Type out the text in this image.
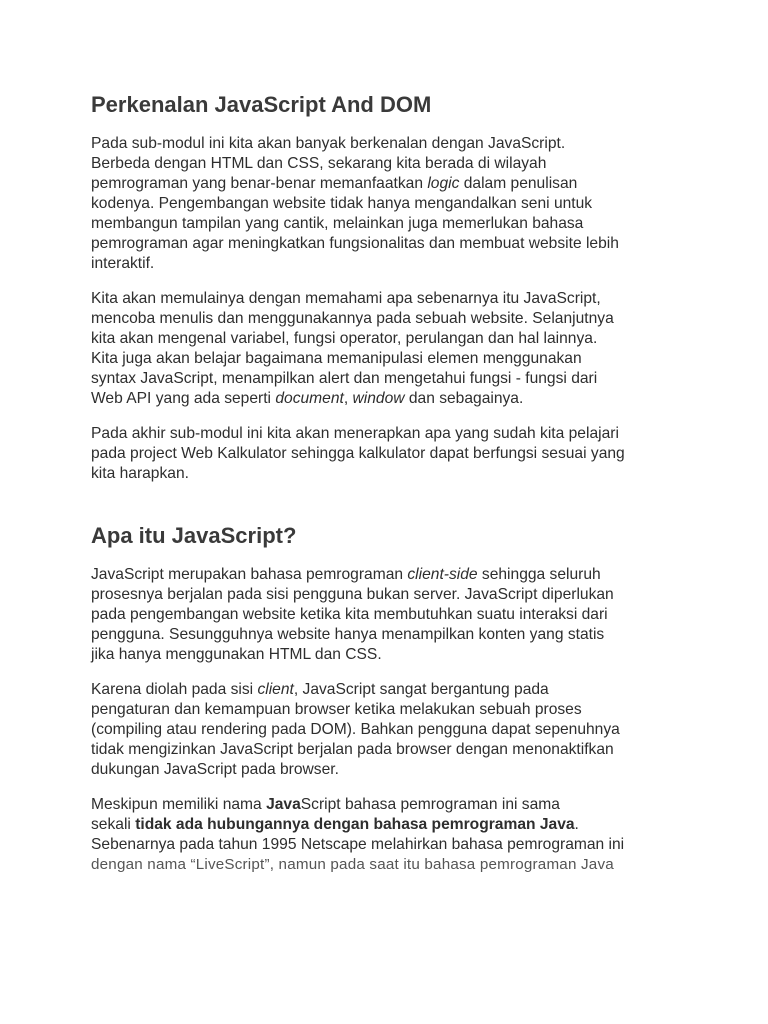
Perkenalan JavaScript And DOM

Pada sub-modul ini kita akan banyak berkenalan dengan JavaScript.
Berbeda dengan HTML dan CSS, sekarang kita berada di wilayah
pemrograman yang benar-benar memanfaatkan logic dalam penulisan
kodenya. Pengembangan website tidak hanya mengandalkan seni untuk
membangun tampilan yang cantik, melainkan juga memerlukan bahasa
pemrograman agar meningkatkan fungsionalitas dan membuat website lebih
interaktif.

Kita akan memulainya dengan memahami apa sebenarnya itu JavaScript,
mencoba menulis dan menggunakannya pada sebuah website. Selanjutnya
kita akan mengenal variabel, fungsi operator, perulangan dan hal lainnya.
Kita juga akan belajar bagaimana memanipulasi elemen menggunakan
syntax JavaScript, menampilkan alert dan mengetahui fungsi - fungsi dari
Web API yang ada seperti document, window dan sebagainya.

Pada akhir sub-modul ini kita akan menerapkan apa yang sudah kita pelajari
pada project Web Kalkulator sehingga kalkulator dapat berfungsi sesuai yang
kita harapkan.

Apa itu JavaScript?

JavaScript merupakan bahasa pemrograman client-side sehingga seluruh
prosesnya berjalan pada sisi pengguna bukan server. JavaScript diperlukan
pada pengembangan website ketika kita membutuhkan suatu interaksi dari
pengguna. Sesungguhnya website hanya menampilkan konten yang statis
jika hanya menggunakan HTML dan CSS.

Karena diolah pada sisi client, JavaScript sangat bergantung pada
pengaturan dan kemampuan browser ketika melakukan sebuah proses
(compiling atau rendering pada DOM). Bahkan pengguna dapat sepenuhnya
tidak mengizinkan JavaScript berjalan pada browser dengan menonaktifkan
dukungan JavaScript pada browser.

Meskipun memiliki nama JavaScript bahasa pemrograman ini sama
sekali tidak ada hubungannya dengan bahasa pemrograman Java.
Sebenarnya pada tahun 1995 Netscape melahirkan bahasa pemrograman ini
dengan nama “LiveScript”, namun pada saat itu bahasa pemrograman Java
